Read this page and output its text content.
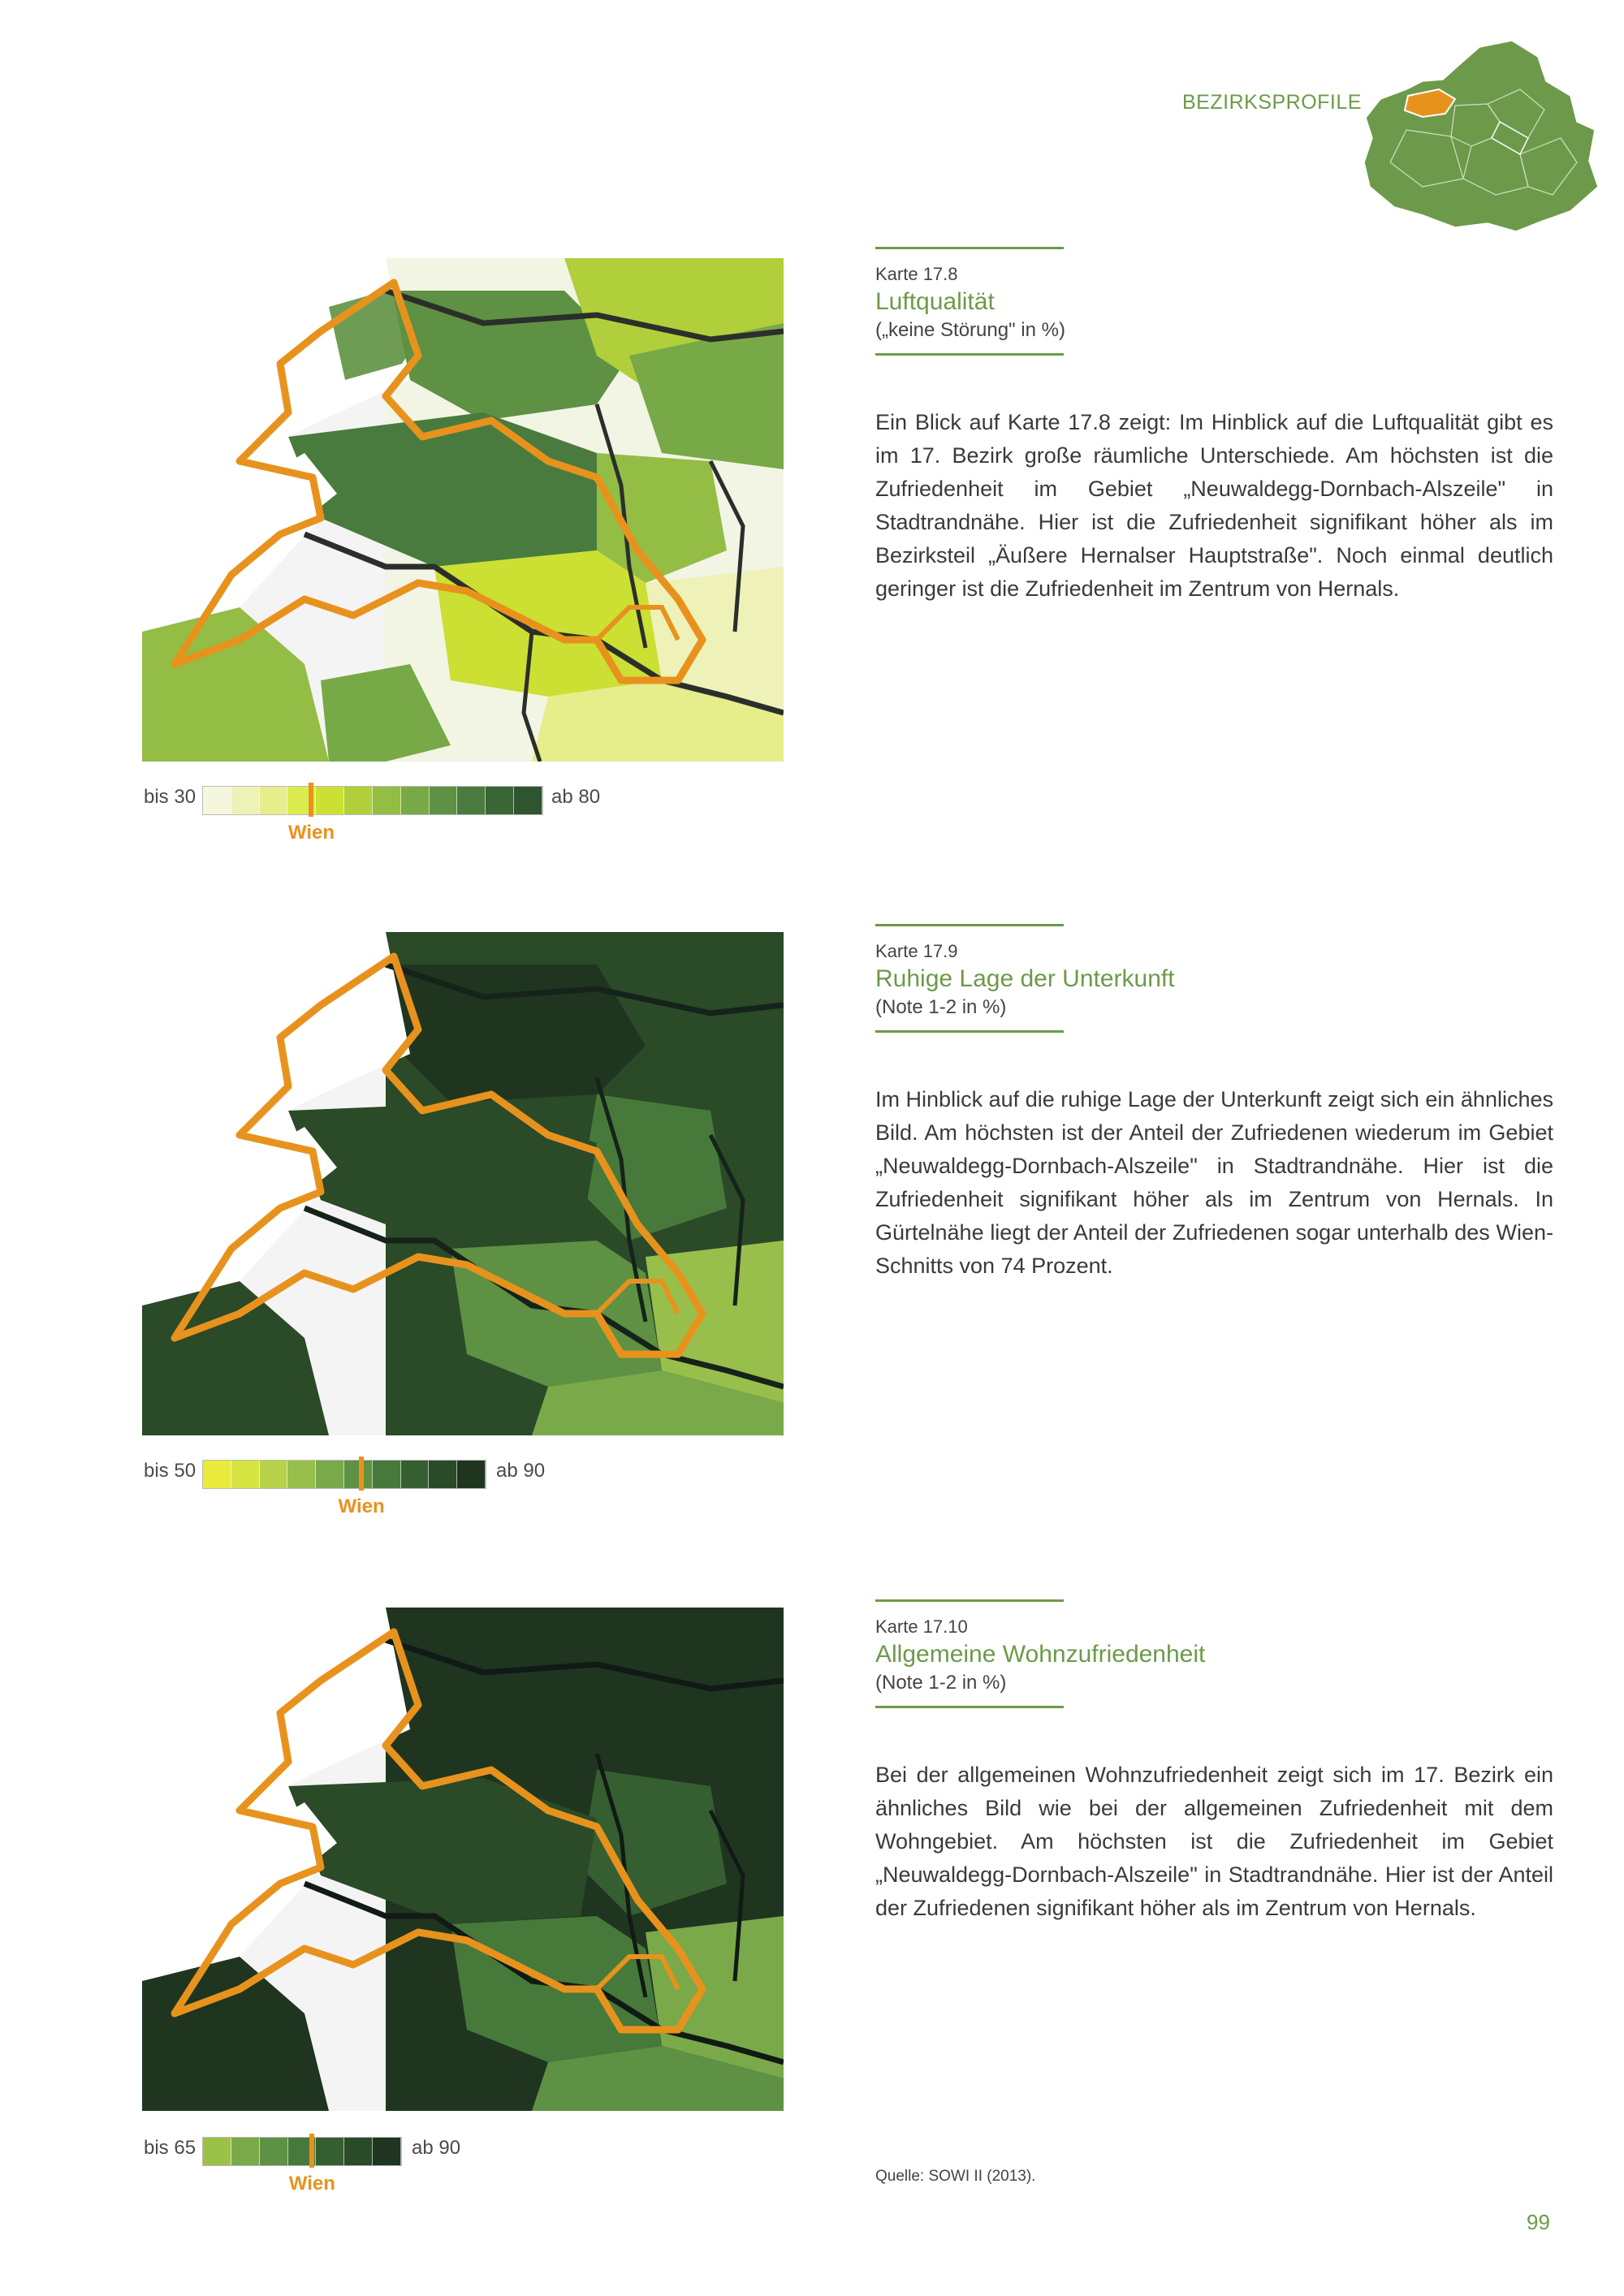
BEZIRKSPROFILE
bis 30	ab 80
Wien
Karte 17.8
Luftqualität
(„keine Störung" in %)
Ein Blick auf Karte 17.8 zeigt: Im Hinblick auf die Luftqualität gibt es im 17. Bezirk große räumliche Unterschiede. Am höchsten ist die Zufriedenheit im Gebiet „Neuwaldegg-Dornbach-Alszeile" in Stadtrandnähe. Hier ist die Zufriedenheit signifikant höher als im Bezirksteil „Äußere Hernalser Hauptstraße". Noch einmal deutlich geringer ist die Zufriedenheit im Zentrum von Hernals.
bis 50	ab 90
Wien
Karte 17.9
Ruhige Lage der Unterkunft
(Note 1-2 in %)
Im Hinblick auf die ruhige Lage der Unterkunft zeigt sich ein ähnliches Bild. Am höchsten ist der Anteil der Zufriedenen wiederum im Gebiet „Neuwaldegg-Dornbach-Alszeile" in Stadtrandnähe. Hier ist die Zufriedenheit signifikant höher als im Zentrum von Hernals. In Gürtelnähe liegt der Anteil der Zufriedenen sogar unterhalb des Wien-Schnitts von 74 Prozent.
bis 65	ab 90
Wien
Karte 17.10
Allgemeine Wohnzufriedenheit
(Note 1-2 in %)
Bei der allgemeinen Wohnzufriedenheit zeigt sich im 17. Bezirk ein ähnliches Bild wie bei der allgemeinen Zufriedenheit mit dem Wohngebiet. Am höchsten ist die Zufriedenheit im Gebiet „Neuwaldegg-Dornbach-Alszeile" in Stadtrandnähe. Hier ist der Anteil der Zufriedenen signifikant höher als im Zentrum von Hernals.
Quelle: SOWI II (2013).
99
